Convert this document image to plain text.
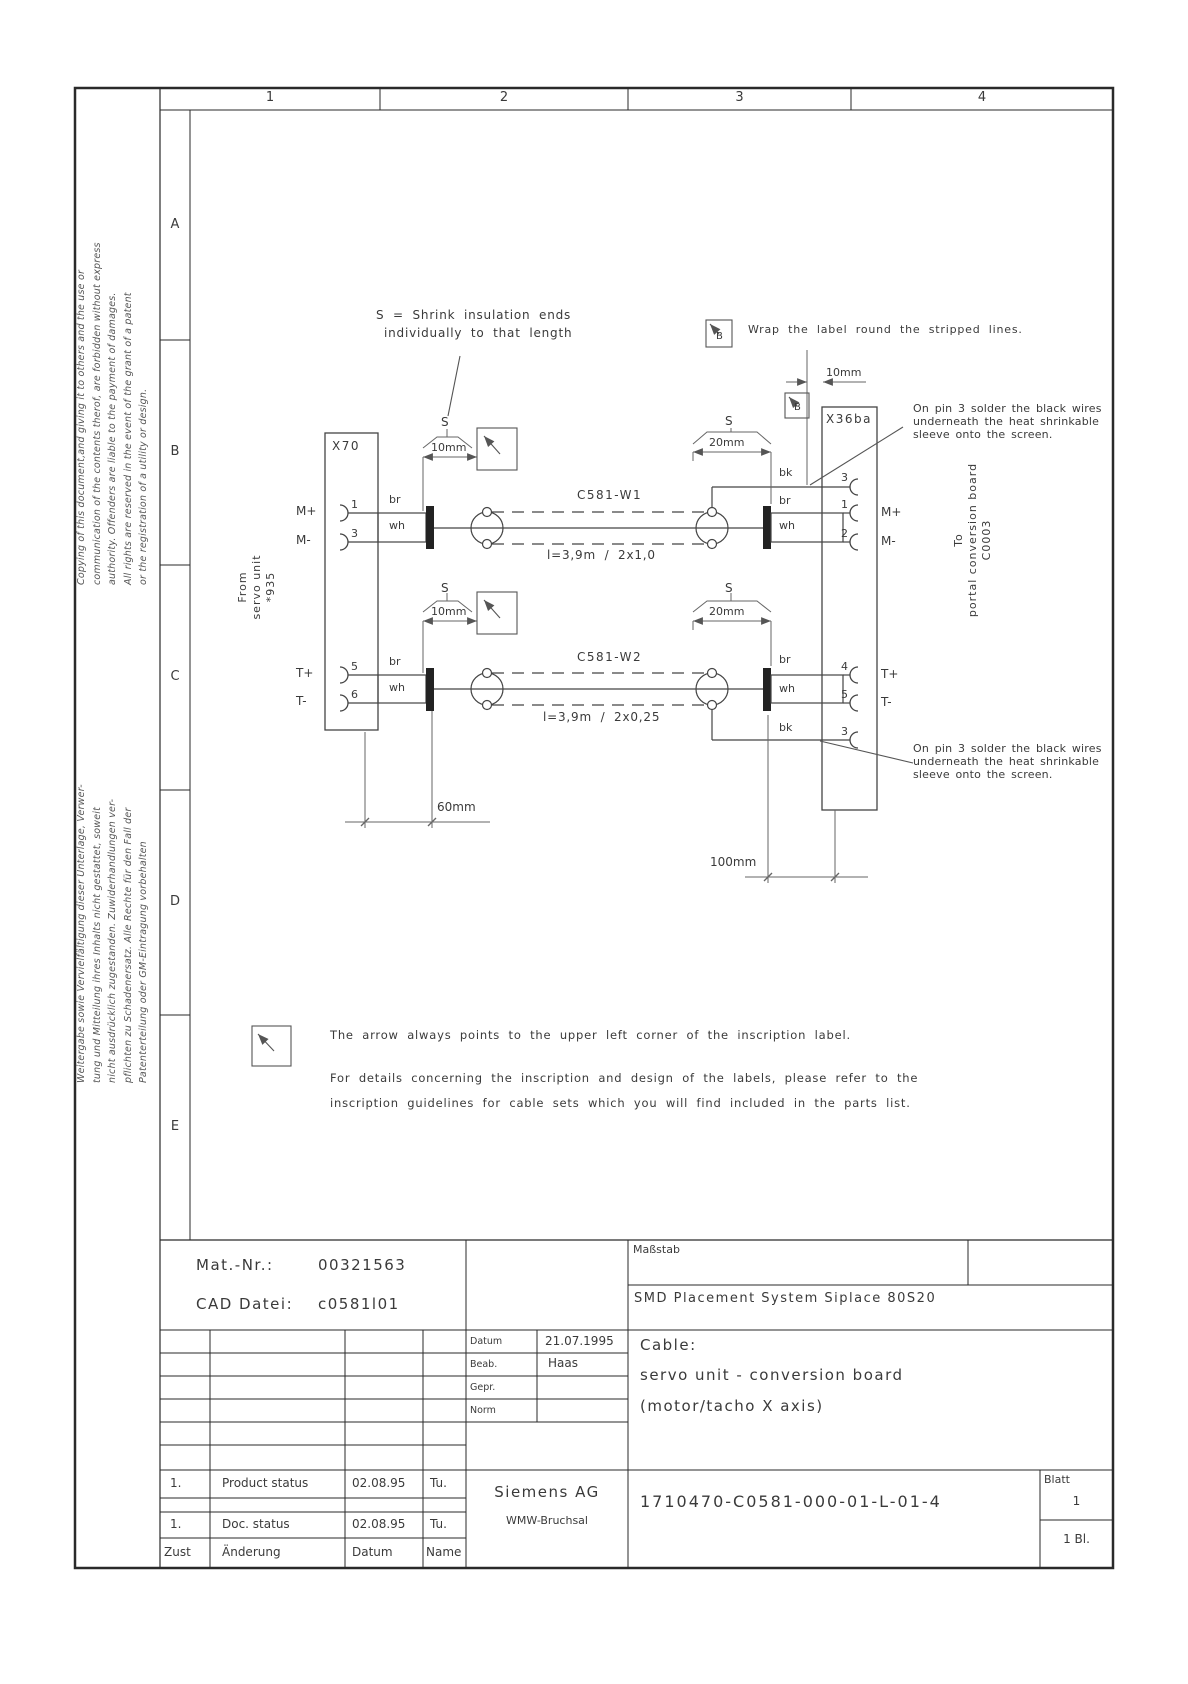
1	2	3	4
A
B
C
D
E
Copying of this document,and giving it to others and the use or communication of the contents therof, are forbidden without express authority. Offenders are liable to the payment of damages. All rights are reserved in the event of the grant of a patent or the registration of a utility or design.
Weitergabe sowie Vervielfältigung dieser Unterlage, Verwer- tung und Mitteilung ihres Inhalts nicht gestattet, soweit nicht ausdrücklich zugestanden. Zuwiderhandlungen ver- pflichten zu Schadenersatz. Alle Rechte für den Fall der Patenterteilung oder GM-Eintragung vorbehalten
From servo unit *935
To portal conversion board C0003
S = Shrink insulation ends
individually to that length	Wrap the label round the stripped lines.
On pin 3 solder the black wires
underneath the heat shrinkable
sleeve onto the screen.
On pin 3 solder the black wires
underneath the heat shrinkable
sleeve onto the screen.
The arrow always points to the upper left corner of the inscription label.
For details concerning the inscription and design of the labels, please refer to the
inscription guidelines for cable sets which you will find included in the parts list.
X70
X36ba
B
B
S	S
S	S
10mm	20mm
10mm	20mm
10mm
60mm
100mm
C581-W1
l=3,9m / 2x1,0
br
wh
bk
br
wh
1
3
M+
M-
3
1
2
M+
M-
C581-W2
l=3,9m / 2x0,25
br
wh
br
wh
bk
5
6
T+
T-
4
5
3
T+
T-
Mat.-Nr.:	00321563
CAD Datei: c0581l01
Maßstab
SMD Placement System Siplace 80S20
Datum	21.07.1995
Beab.	Haas
Gepr.
Norm
Cable:
servo unit - conversion board
(motor/tacho X axis)
1.	Product status	02.08.95 Tu.
1.	Doc. status	02.08.95 Tu.
Zust	Änderung	Datum	Name
Siemens AG
WMW-Bruchsal
1710470-C0581-000-01-L-01-4
Blatt
1
1 Bl.
